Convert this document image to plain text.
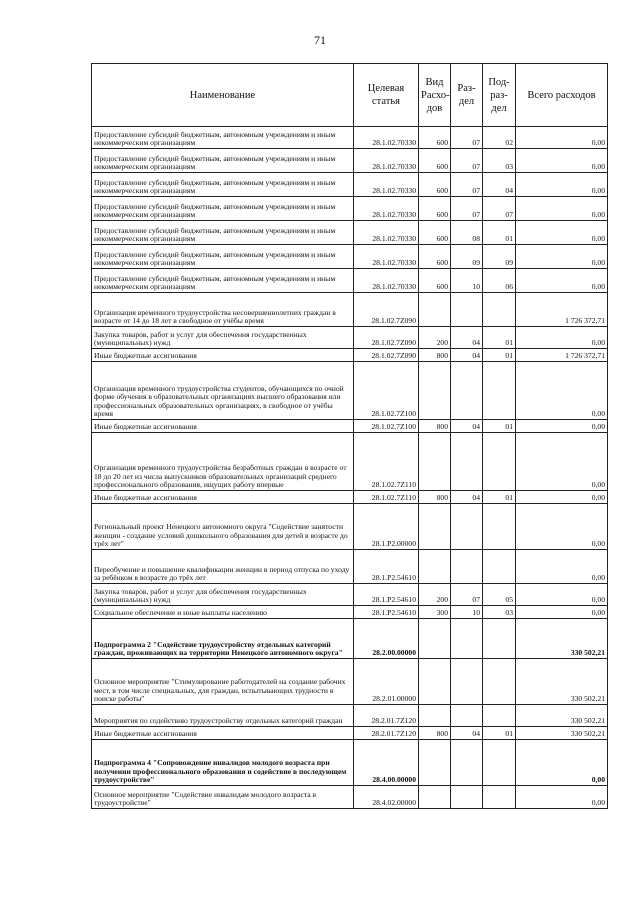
71
Наименование	Целевая статья	Вид Расхо-дов	Раз-дел	Под-раз-дел	Всего расходов
Предоставление субсидий бюджетным, автономным учреждениям и иным некоммерческим организациям	28.1.02.70330	600	07	02	0,00
Предоставление субсидий бюджетным, автономным учреждениям и иным некоммерческим организациям	28.1.02.70330	600	07	03	0,00
Предоставление субсидий бюджетным, автономным учреждениям и иным некоммерческим организациям	28.1.02.70330	600	07	04	0,00
Предоставление субсидий бюджетным, автономным учреждениям и иным некоммерческим организациям	28.1.02.70330	600	07	07	0,00
Предоставление субсидий бюджетным, автономным учреждениям и иным некоммерческим организациям	28.1.02.70330	600	08	01	0,00
Предоставление субсидий бюджетным, автономным учреждениям и иным некоммерческим организациям	28.1.02.70330	600	09	09	0,00
Предоставление субсидий бюджетным, автономным учреждениям и иным некоммерческим организациям	28.1.02.70330	600	10	06	0,00
Организация временного трудоустройства несовершеннолетних граждан в возрасте от 14 до 18 лет в свободное от учёбы время	28.1.02.7Z090				1 726 372,71
Закупка товаров, работ и услуг для обеспечения государственных (муниципальных) нужд	28.1.02.7Z090	200	04	01	0,00
Иные бюджетные ассигнования	28.1.02.7Z090	800	04	01	1 726 372,71
Организация временного трудоустройства студентов, обучающихся по очной форме обучения в образовательных организациях высшего образования или профессиональных образовательных организациях, в свободное от учёбы время	28.1.02.7Z100				0,00
Иные бюджетные ассигнования	28.1.02.7Z100	800	04	01	0,00
Организация временного трудоустройства безработных граждан в возрасте от 18 до 20 лет из числа выпускников образовательных организаций среднего профессионального образования, ищущих работу впервые	28.1.02.7Z110				0,00
Иные бюджетные ассигнования	28.1.02.7Z110	800	04	01	0,00
Региональный проект Ненецкого автономного округа "Содействие занятости женщин - создание условий дошкольного образования для детей в возрасте до трёх лет"	28.1.P2.00000				0,00
Переобучение и повышение квалификации женщин в период отпуска по уходу за ребёнком в возрасте до трёх лет	28.1.P2.54610				0,00
Закупка товаров, работ и услуг для обеспечения государственных (муниципальных) нужд	28.1.P2.54610	200	07	05	0,00
Социальное обеспечение и иные выплаты населению	28.1.P2.54610	300	10	03	0,00
Подпрограмма 2 "Содействие трудоустройству отдельных категорий граждан, проживающих на территории Ненецкого автономного округа"	28.2.00.00000				330 502,21
Основное мероприятие "Стимулирование работодателей на создание рабочих мест, в том числе специальных, для граждан, испытывающих трудности в поиске работы"	28.2.01.00000				330 502,21
Мероприятия по содействию трудоустройству отдельных категорий граждан	28.2.01.7Z120				330 502,21
Иные бюджетные ассигнования	28.2.01.7Z120	800	04	01	330 502,21
Подпрограмма 4 "Сопровождение инвалидов молодого возраста при получении профессионального образования и содействие в последующем трудоустройстве"	28.4.00.00000				0,00
Основное мероприятие "Содействие инвалидам молодого возраста в трудоустройстве"	28.4.02.00000				0,00
